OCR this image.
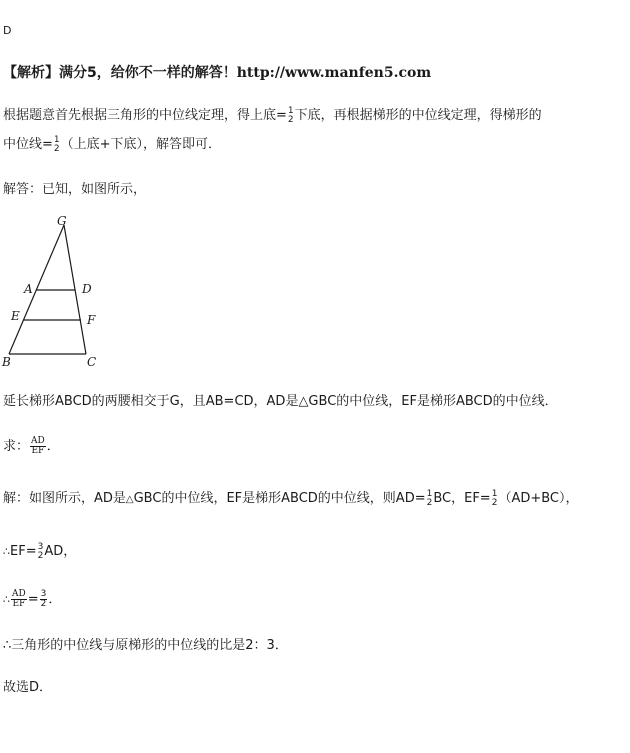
D
【解析】满分5，给你不一样的解答！http://www.manfen5.com
根据题意首先根据三角形的中位线定理，得上底= 1
2 下底，再根据梯形的中位线定理，得梯形的
中位线= 1
2 （上底+下底），解答即可．
解答：已知，如图所示，
G
A	D
E	F
B	C
延长梯形ABCD的两腰相交于G，且AB=CD，AD是△GBC的中位线，EF是梯形ABCD的中位线．
求： $\frac{AD}{EF}$ ．
解：如图所示，AD是△GBC的中位线，EF是梯形ABCD的中位线，则AD= 1
2 BC，EF= 1
2 （AD+BC），
∴EF= 3
2 AD，
∴ $\frac{AD}{EF} = \frac{3}{2}$ ．
∴三角形的中位线与原梯形的中位线的比是2：3．
故选D．
